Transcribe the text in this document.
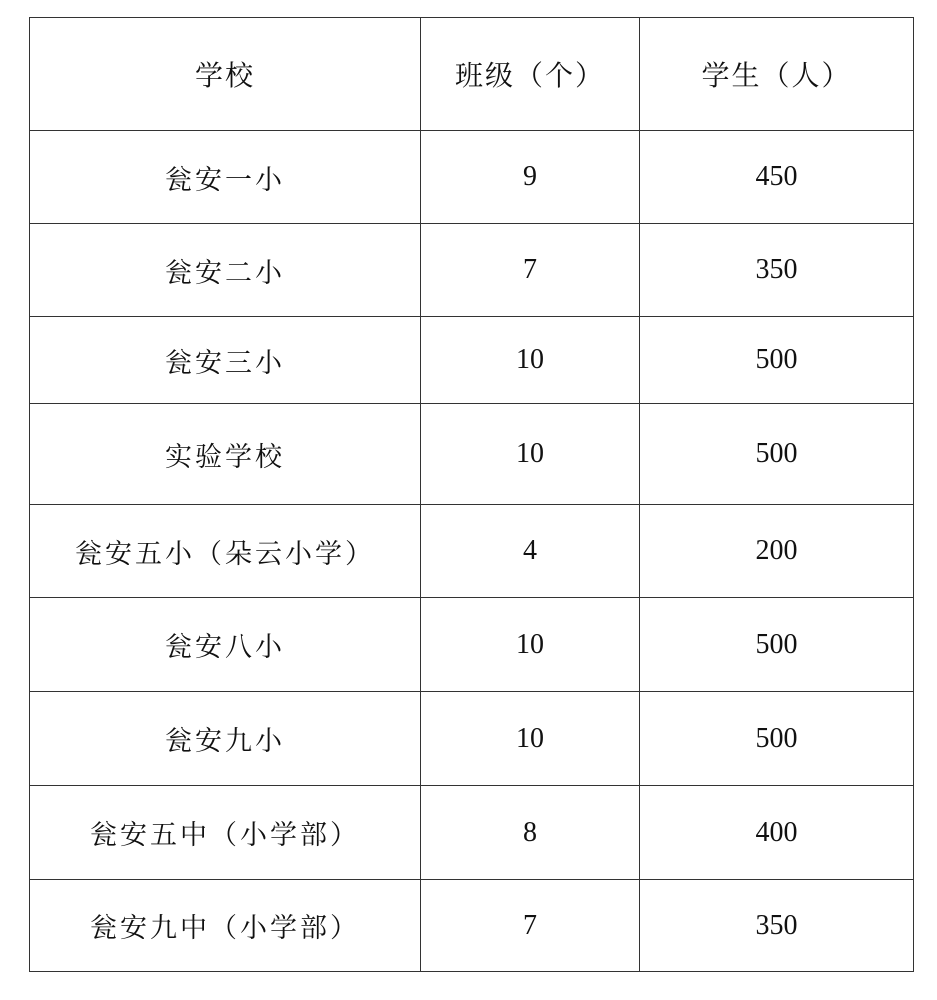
学校	班级（个）	学生（人）
瓮安一小	9	450
瓮安二小	7	350
瓮安三小	10	500
实验学校	10	500
瓮安五小（朵云小学）	4	200
瓮安八小	10	500
瓮安九小	10	500
瓮安五中（小学部）	8	400
瓮安九中（小学部）	7	350
